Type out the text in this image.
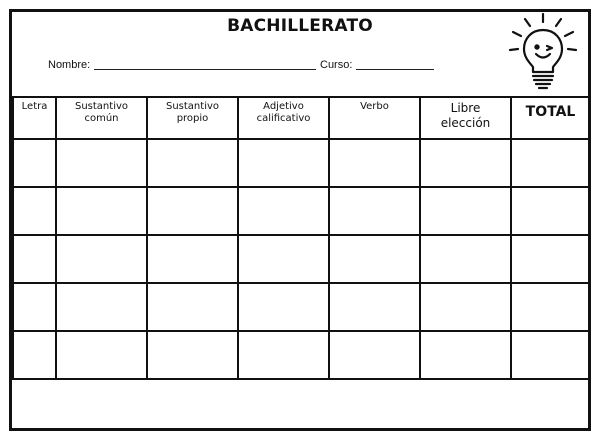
BACHILLERATO
Nombre:	Curso:
Letra	Sustantivo común	Sustantivo propio	Adjetivo calificativo	Verbo	Libre elección	TOTAL
